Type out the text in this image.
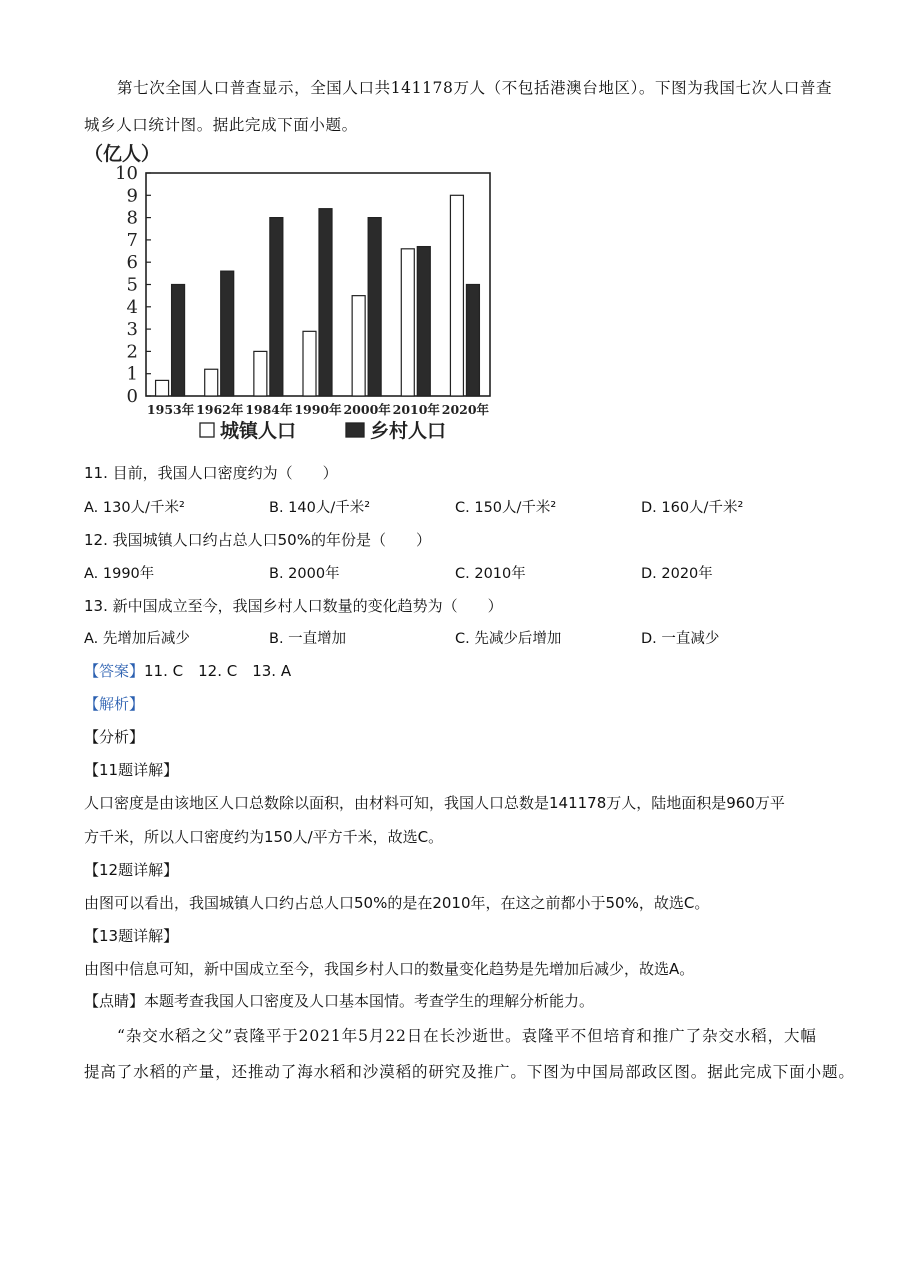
第七次全国人口普查显示，全国人口共141178万人（不包括港澳台地区）。下图为我国七次人口普查
城乡人口统计图。据此完成下面小题。
（亿人）
0
1
2
3
4
5
6
7
8
9
10
1953年 1962年 1984年 1990年 2000年 2010年 2020年
城镇人口	乡村人口
11. 目前，我国人口密度约为（　　）
A. 130人/千米²	B. 140人/千米²	C. 150人/千米²	D. 160人/千米²
12. 我国城镇人口约占总人口50%的年份是（　　）
A. 1990年	B. 2000年	C. 2010年	D. 2020年
13. 新中国成立至今，我国乡村人口数量的变化趋势为（　　）
A. 先增加后减少	B. 一直增加	C. 先减少后增加	D. 一直减少
【答案】11. C　12. C　13. A
【解析】
【分析】
【11题详解】
人口密度是由该地区人口总数除以面积，由材料可知，我国人口总数是141178万人，陆地面积是960万平
方千米，所以人口密度约为150人/平方千米，故选C。
【12题详解】
由图可以看出，我国城镇人口约占总人口50%的是在2010年，在这之前都小于50%，故选C。
【13题详解】
由图中信息可知，新中国成立至今，我国乡村人口的数量变化趋势是先增加后减少，故选A。
【点睛】本题考查我国人口密度及人口基本国情。考查学生的理解分析能力。
“杂交水稻之父”袁隆平于2021年5月22日在长沙逝世。袁隆平不但培育和推广了杂交水稻，大幅
提高了水稻的产量，还推动了海水稻和沙漠稻的研究及推广。下图为中国局部政区图。据此完成下面小题。
